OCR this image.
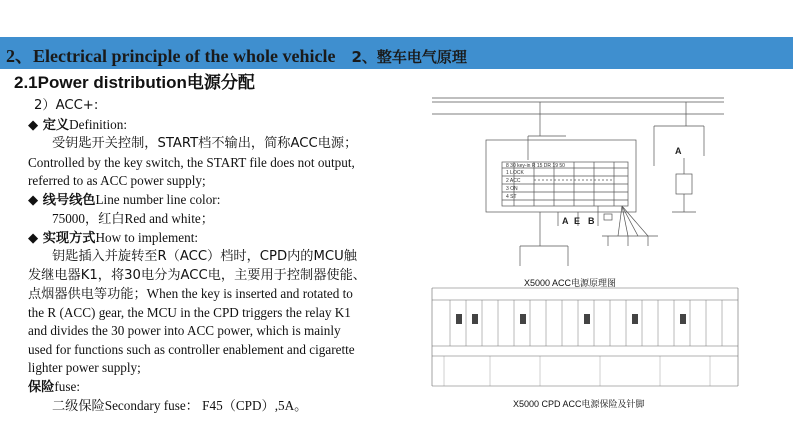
2、Electrical principle of the whole vehicle 2、整车电气原理
2.1Power distribution电源分配
2）ACC+:
◆ 定义Definition:
受钥匙开关控制，START档不输出，简称ACC电源；
Controlled by the key switch, the START file does not output,
referred to as ACC power supply;
◆ 线号线色Line number line color:
75000，红白Red and white；
◆ 实现方式How to implement:
钥匙插入并旋转至R（ACC）档时，CPD内的MCU触
发继电器K1，将30电分为ACC电，主要用于控制器使能、
点烟器供电等功能；When the key is inserted and rotated to
the R (ACC) gear, the MCU in the CPD triggers the relay K1
and divides the 30 power into ACC power, which is mainly
used for functions such as controller enablement and cigarette
lighter power supply;
保险fuse:
二级保险Secondary fuse： F45（CPD）,5A。
8 30 key-in R 15 DR 19 50
1 LOCK
2 ACC
3 ON
4 ST
A
A E B
X5000 ACC电源原理图
X5000 CPD ACC电源保险及针脚
